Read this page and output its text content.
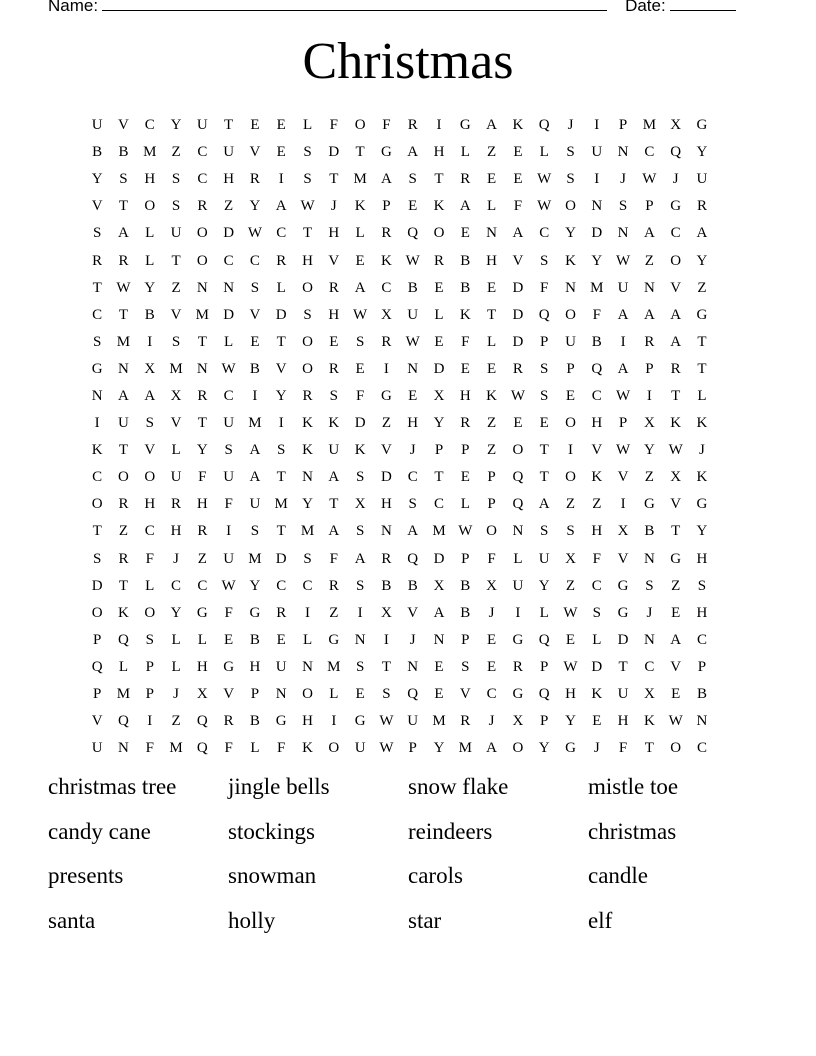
Name:	Date:
Christmas
U	V	C	Y	U	T	E	E	L	F	O	F	R	I	G	A	K	Q	J	I	P	M X	G
B	B M	Z	C	U	V	E	S	D	T	G	A	H	L	Z	E	L	S	U	N	C	Q	Y
Y	S	H	S	C	H	R	I	S	T	M A	S	T	R	E	E W	S	I	J	W	J	U
V	T	O	S	R	Z	Y	A W	J	K	P	E	K	A	L	F	W O	N	S	P	G	R
S	A	L	U	O	D W C	T	H	L	R	Q	O	E	N	A	C	Y	D	N	A	C	A
R	R	L	T	O	C	C	R	H	V	E	K W R	B	H	V	S	K	Y W Z	O	Y
T W Y	Z	N	N	S	L	O	R	A	C	B	E	B	E	D	F	N M U	N	V	Z
C	T	B	V M D	V	D	S	H W X	U	L	K	T	D	Q	O	F	A	A	A	G
S	M	I	S	T	L	E	T	O	E	S	R W E	F	L	D	P	U	B	I	R	A	T
G	N	X M N W B	V	O	R	E	I	N	D	E	E	R	S	P	Q	A	P	R	T
N	A	A	X	R	C	I	Y	R	S	F	G	E	X	H	K W	S	E	C W	I	T	L
I	U	S	V	T	U M	I	K	K	D	Z	H	Y	R	Z	E	E	O	H	P	X	K	K
K	T	V	L	Y	S	A	S	K	U	K	V	J	P	P	Z	O	T	I	V W Y W	J
C	O	O	U	F	U	A	T	N	A	S	D	C	T	E	P	Q	T	O	K	V	Z	X	K
O	R	H	R	H	F	U M Y	T	X	H	S	C	L	P	Q	A	Z	Z	I	G	V	G
T	Z	C	H	R	I	S	T	M A	S	N	A M W O	N	S	S	H	X	B	T	Y
S	R	F	J	Z	U M D	S	F	A	R	Q	D	P	F	L	U	X	F	V	N	G	H
D	T	L	C	C W Y	C	C	R	S	B	B	X	B	X	U	Y	Z	C	G	S	Z	S
O	K	O	Y	G	F	G	R	I	Z	I	X	V	A	B	J	I	L W	S	G	J	E	H
P	Q	S	L	L	E	B	E	L	G	N	I	J	N	P	E	G	Q	E	L	D	N	A	C
Q	L	P	L	H	G	H	U	N M	S	T	N	E	S	E	R	P	W D	T	C	V	P
P	M	P	J	X	V	P	N	O	L	E	S	Q	E	V	C	G	Q	H	K	U	X	E	B
V	Q	I	Z	Q	R	B	G	H	I	G W U M R	J	X	P	Y	E	H	K W N
U	N	F	M Q	F	L	F	K	O	U W	P	Y M A	O	Y	G	J	F	T	O	C
christmas tree	jingle bells	snow flake	mistle toe
candy cane	stockings	reindeers	christmas
presents	snowman	carols	candle
santa	holly	star	elf
